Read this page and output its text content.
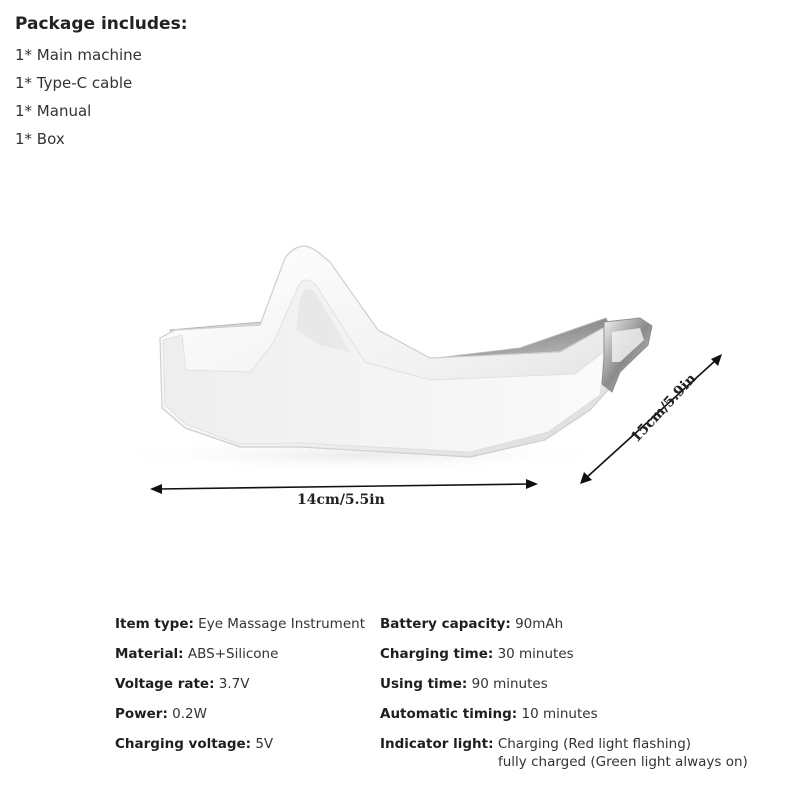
Package includes:
1* Main machine
1* Type-C cable
1* Manual
1* Box
14cm/5.5in
15cm/5.9in
Item type: Eye Massage Instrument
Material: ABS+Silicone
Voltage rate: 3.7V
Power: 0.2W
Charging voltage: 5V
Battery capacity: 90mAh
Charging time: 30 minutes
Using time: 90 minutes
Automatic timing: 10 minutes
Indicator light: Charging (Red light flashing)
fully charged (Green light always on)
